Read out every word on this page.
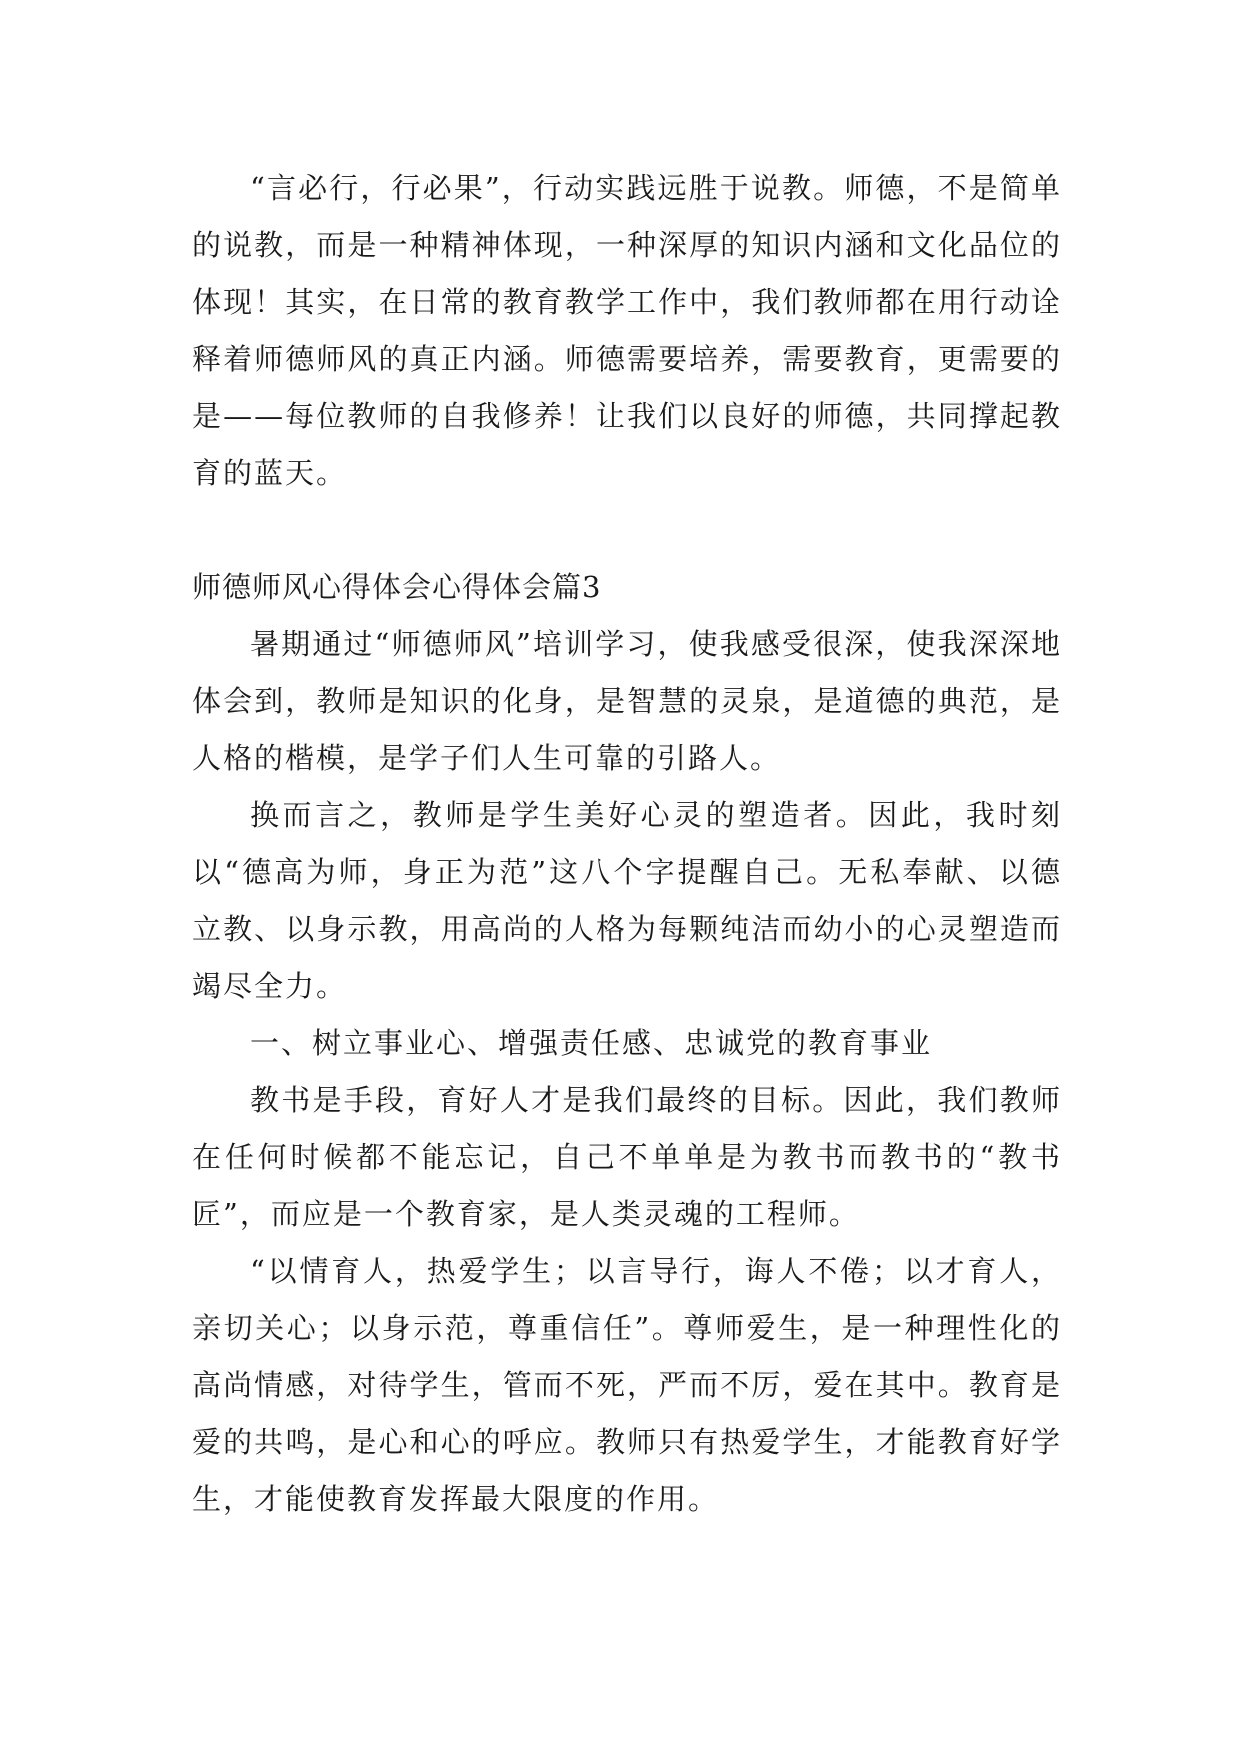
“言必行，行必果”，行动实践远胜于说教。师德，不是简单的说教，而是一种精神体现，一种深厚的知识内涵和文化品位的体现！其实，在日常的教育教学工作中，我们教师都在用行动诠释着师德师风的真正内涵。师德需要培养，需要教育，更需要的是——每位教师的自我修养！让我们以良好的师德，共同撑起教育的蓝天。

师德师风心得体会心得体会篇3

暑期通过“师德师风”培训学习，使我感受很深，使我深深地体会到，教师是知识的化身，是智慧的灵泉，是道德的典范，是人格的楷模，是学子们人生可靠的引路人。

换而言之，教师是学生美好心灵的塑造者。因此，我时刻以“德高为师，身正为范”这八个字提醒自己。无私奉献、以德立教、以身示教，用高尚的人格为每颗纯洁而幼小的心灵塑造而竭尽全力。

一、树立事业心、增强责任感、忠诚党的教育事业

教书是手段，育好人才是我们最终的目标。因此，我们教师在任何时候都不能忘记，自己不单单是为教书而教书的“教书匠”，而应是一个教育家，是人类灵魂的工程师。

“以情育人，热爱学生；以言导行，诲人不倦；以才育人，亲切关心；以身示范，尊重信任”。尊师爱生，是一种理性化的高尚情感，对待学生，管而不死，严而不厉，爱在其中。教育是爱的共鸣，是心和心的呼应。教师只有热爱学生，才能教育好学生，才能使教育发挥最大限度的作用。
